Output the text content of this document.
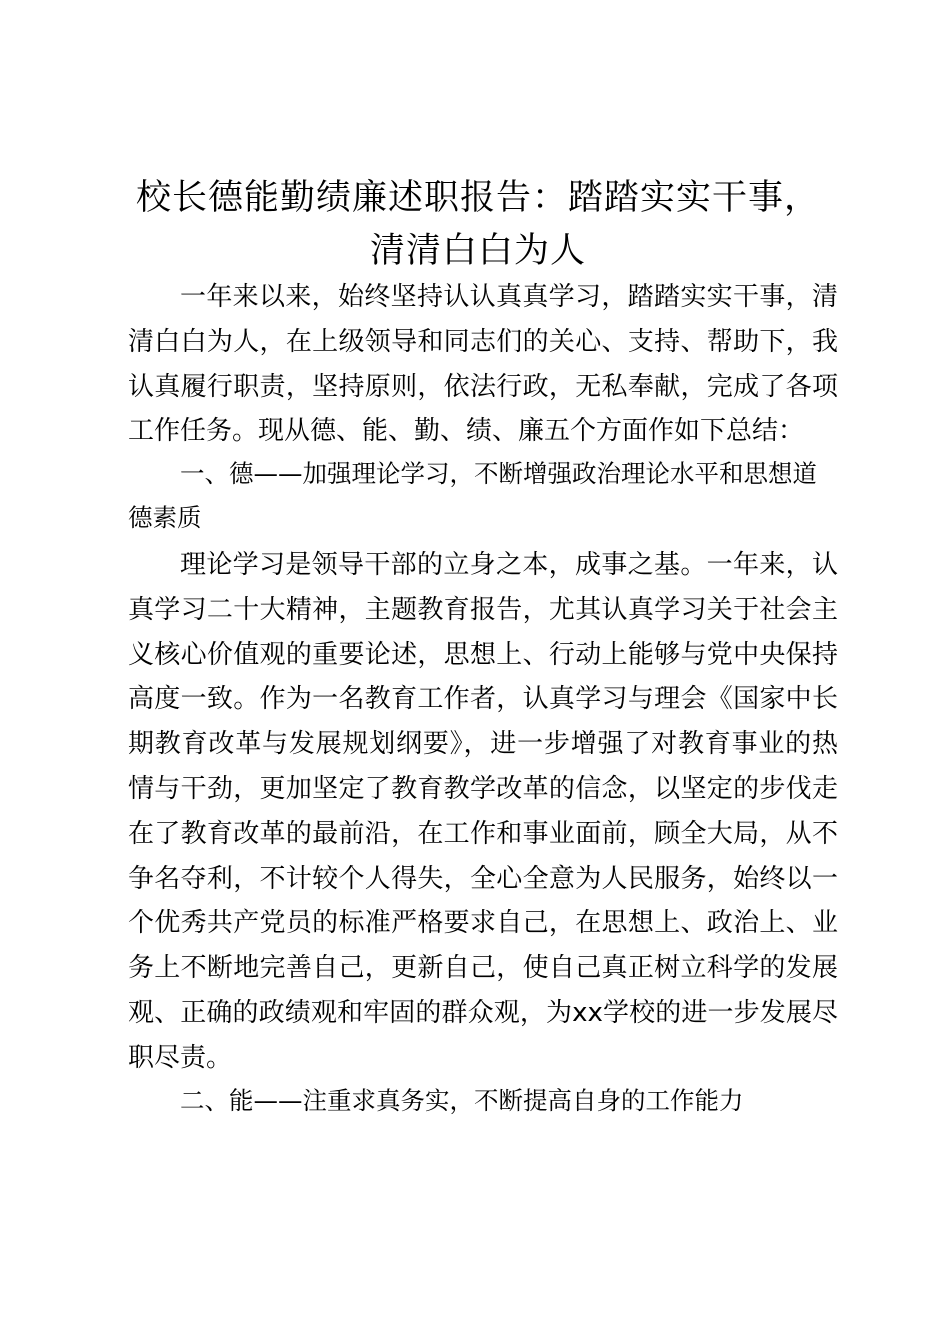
校长德能勤绩廉述职报告：踏踏实实干事，清清白白为人

一年来以来，始终坚持认认真真学习，踏踏实实干事，清清白白为人，在上级领导和同志们的关心、支持、帮助下，我认真履行职责，坚持原则，依法行政，无私奉献，完成了各项工作任务。现从德、能、勤、绩、廉五个方面作如下总结：

一、德——加强理论学习，不断增强政治理论水平和思想道德素质

理论学习是领导干部的立身之本，成事之基。一年来，认真学习二十大精神，主题教育报告，尤其认真学习关于社会主义核心价值观的重要论述，思想上、行动上能够与党中央保持高度一致。作为一名教育工作者，认真学习与理会《国家中长期教育改革与发展规划纲要》，进一步增强了对教育事业的热情与干劲，更加坚定了教育教学改革的信念，以坚定的步伐走在了教育改革的最前沿，在工作和事业面前，顾全大局，从不争名夺利，不计较个人得失，全心全意为人民服务，始终以一个优秀共产党员的标准严格要求自己，在思想上、政治上、业务上不断地完善自己，更新自己，使自己真正树立科学的发展观、正确的政绩观和牢固的群众观，为xx学校的进一步发展尽职尽责。

二、能——注重求真务实，不断提高自身的工作能力
